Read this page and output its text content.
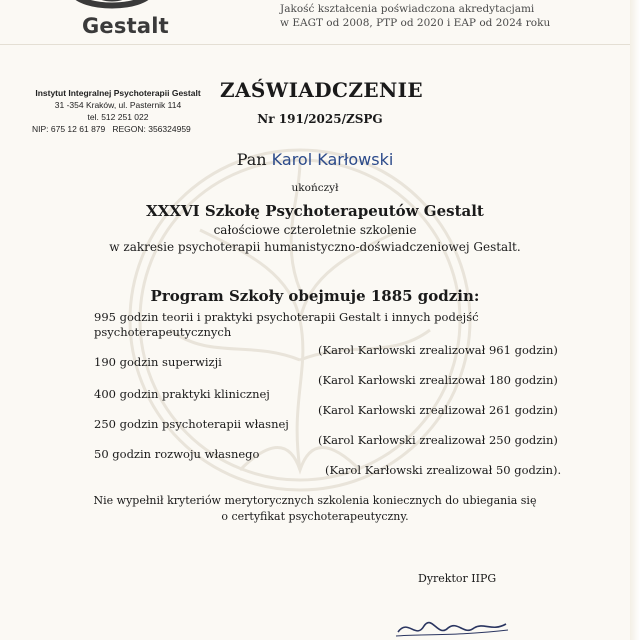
Gestalt
Jakość kształcenia poświadczona akredytacjami
w EAGT od 2008, PTP od 2020 i EAP od 2024 roku
Instytut Integralnej Psychoterapii Gestalt
31 -354 Kraków, ul. Pasternik 114
tel. 512 251 022
NIP: 675 12 61 879   REGON: 356324959
ZAŚWIADCZENIE
Nr 191/2025/ZSPG
Pan Karol Karłowski
ukończył
XXXVI Szkołę Psychoterapeutów Gestalt
całościowe czteroletnie szkolenie
w zakresie psychoterapii humanistyczno-doświadczeniowej Gestalt.
Program Szkoły obejmuje 1885 godzin:
995 godzin teorii i praktyki psychoterapii Gestalt i innych podejść
psychoterapeutycznych
(Karol Karłowski zrealizował 961 godzin)
190 godzin superwizji
(Karol Karłowski zrealizował 180 godzin)
400 godzin praktyki klinicznej
(Karol Karłowski zrealizował 261 godzin)
250 godzin psychoterapii własnej
(Karol Karłowski zrealizował 250 godzin)
50 godzin rozwoju własnego
(Karol Karłowski zrealizował 50 godzin).
Nie wypełnił kryteriów merytorycznych szkolenia koniecznych do ubiegania się
o certyfikat psychoterapeutyczny.
Dyrektor IIPG
